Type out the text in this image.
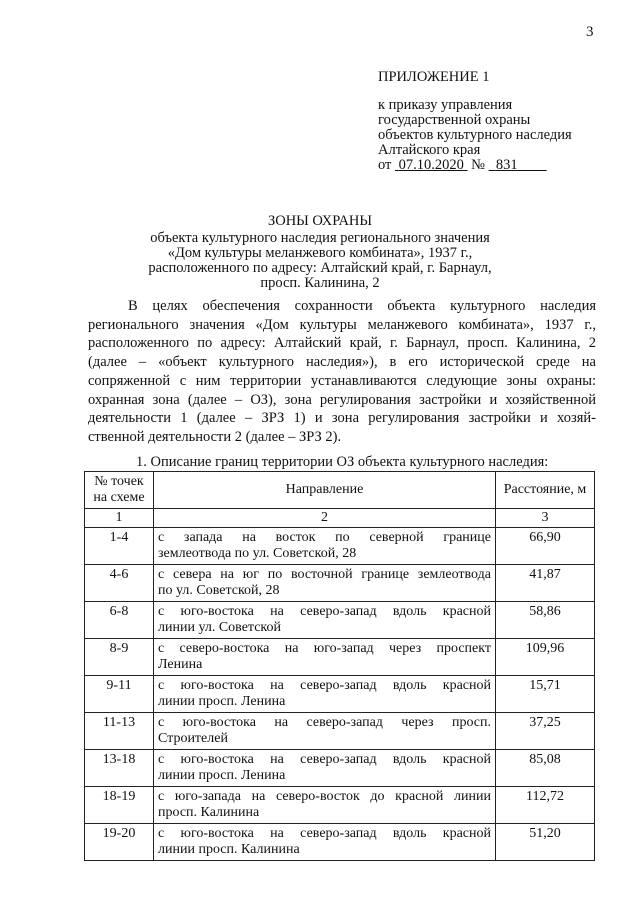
3
ПРИЛОЖЕНИЕ 1
к приказу управления
государственной охраны
объектов культурного наследия
Алтайского края
от 07.10.2020 № 831
ЗОНЫ ОХРАНЫ
объекта культурного наследия регионального значения
«Дом культуры меланжевого комбината», 1937 г.,
расположенного по адресу: Алтайский край, г. Барнаул,
просп. Калинина, 2
В целях обеспечения сохранности объекта культурного наследия
регионального значения «Дом культуры меланжевого комбината», 1937 г.,
расположенного по адресу: Алтайский край, г. Барнаул, просп. Калинина, 2
(далее – «объект культурного наследия»), в его исторической среде на
сопряженной с ним территории устанавливаются следующие зоны охраны:
охранная зона (далее – ОЗ), зона регулирования застройки и хозяйственной
деятельности 1 (далее – ЗРЗ 1) и зона регулирования застройки и хозяй-
ственной деятельности 2 (далее – ЗРЗ 2).
1. Описание границ территории ОЗ объекта культурного наследия:
№ точек
на схеме	Направление	Расстояние, м
1	2	3
1-4	с запада на восток по северной границе
землеотвода по ул. Советской, 28	66,90
4-6	с севера на юг по восточной границе землеотвода
по ул. Советской, 28	41,87
6-8	с юго-востока на северо-запад вдоль красной
линии ул. Советской	58,86
8-9	с северо-востока на юго-запад через проспект
Ленина	109,96
9-11	с юго-востока на северо-запад вдоль красной
линии просп. Ленина	15,71
11-13	с юго-востока на северо-запад через просп.
Строителей	37,25
13-18	с юго-востока на северо-запад вдоль красной
линии просп. Ленина	85,08
18-19	с юго-запада на северо-восток до красной линии
просп. Калинина	112,72
19-20	с юго-востока на северо-запад вдоль красной
линии просп. Калинина	51,20
